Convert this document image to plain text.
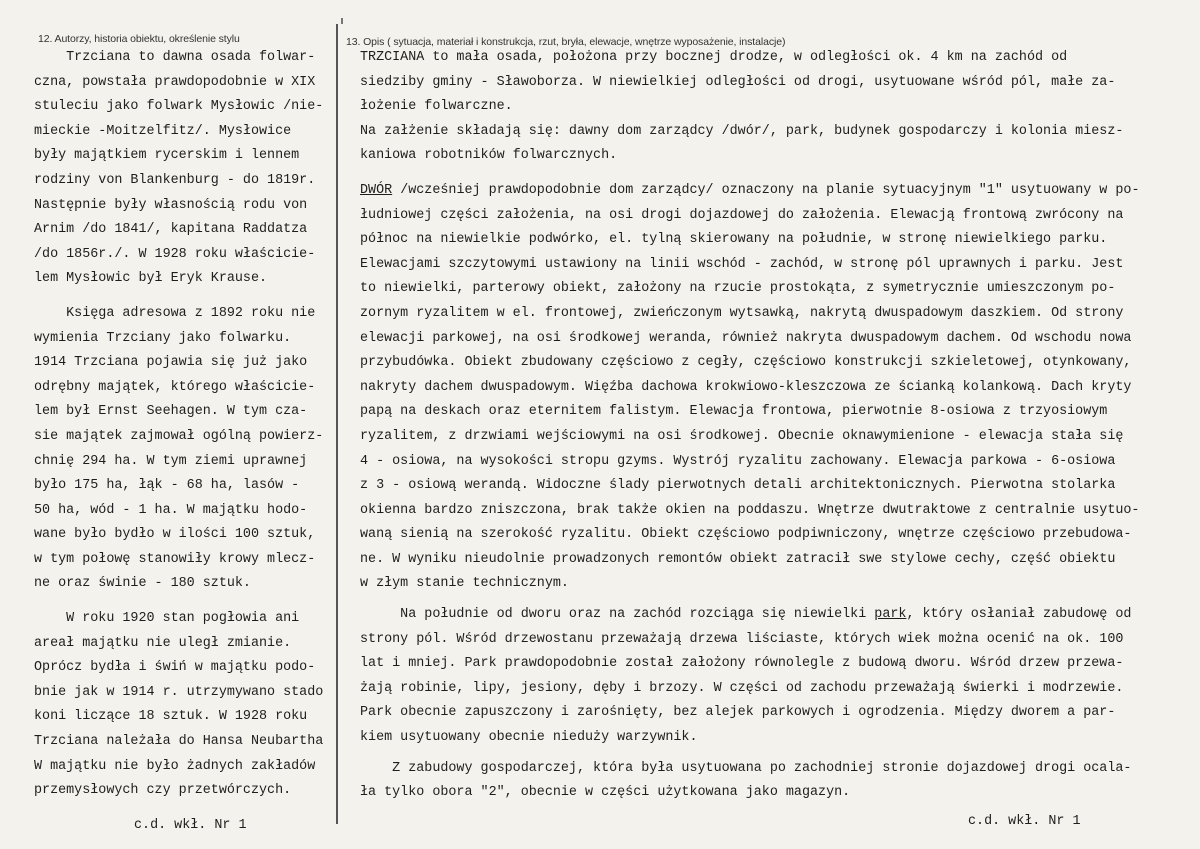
12. Autorzy, historia obiektu, określenie stylu	13. Opis ( sytuacja, materiał i konstrukcja, rzut, bryła, elewacje, wnętrze wyposażenie, instalacje)
Trzciana to dawna osada folwar-
czna, powstała prawdopodobnie w XIX
stuleciu jako folwark Mysłowic /nie-
mieckie -Moitzelfitz/. Mysłowice
były majątkiem rycerskim i lennem
rodziny von Blankenburg - do 1819r.
Następnie były własnością rodu von
Arnim /do 1841/, kapitana Raddatza
/do 1856r./. W 1928 roku właściciе-
lem Mysłowic był Eryk Krause.
Księga adresowa z 1892 roku nie
wymienia Trzciany jako folwarku.
1914 Trzciana pojawia się już jako
odrębny majątek, którego właściciе-
lem był Ernst Seehagen. W tym cza-
sie majątek zajmował ogólną powierz-
chnię 294 ha. W tym ziemi uprawnej
było 175 ha, łąk - 68 ha, lasów -
50 ha, wód - 1 ha. W majątku hodo-
wane było bydło w ilości 100 sztuk,
w tym połowę stanowiły krowy mlecz-
ne oraz świnie - 180 sztuk.
W roku 1920 stan pogłowia ani
areał majątku nie uległ zmianie.
Oprócz bydła i świń w majątku podo-
bnie jak w 1914 r. utrzymywano stado
koni liczące 18 sztuk. W 1928 roku
Trzciana należała do Hansa Neubartha
W majątku nie było żadnych zakładów
przemysłowych czy przetwórczych.
c.d. wkł. Nr 1
TRZCIANA to mała osada, położona przy bocznej drodze, w odległości ok. 4 km na zachód od
siedziby gminy - Sławoborza. W niewielkiej odległości od drogi, usytuowane wśród pól, małe za-
łożenie folwarczne.
Na załżenie składają się: dawny dom zarządcy /dwór/, park, budynek gospodarczy i kolonia miesz-
kaniowa robotników folwarcznych.
DWÓR /wcześniej prawdopodobnie dom zarządcy/ oznaczony na planie sytuacyjnym "1" usytuowany w po-
łudniowej części założenia, na osi drogi dojazdowej do założenia. Elewacją frontową zwrócony na
północ na niewielkie podwórko, el. tylną skierowany na południe, w stronę niewielkiego parku.
Elewacjami szczytowymi ustawiony na linii wschód - zachód, w stronę pól uprawnych i parku. Jest
to niewielki, parterowy obiekt, założony na rzucie prostokąta, z symetrycznie umieszczonym po-
zornym ryzalitem w el. frontowej, zwieńczonym wytsawką, nakrytą dwuspadowym daszkiem. Od strony
elewacji parkowej, na osi środkowej weranda, również nakryta dwuspadowym dachem. Od wschodu nowa
przybudówka. Obiekt zbudowany częściowo z cegły, częściowo konstrukcji szkieletowej, otynkowany,
nakryty dachem dwuspadowym. Więźba dachowa krokwiowo-kleszczowa ze ścianką kolankową. Dach kryty
papą na deskach oraz eternitem falistym. Elewacja frontowa, pierwotnie 8-osiowa z trzyosiowym
ryzalitem, z drzwiami wejściowymi na osi środkowej. Obecnie oknawymienione - elewacja stała się
4 - osiowa, na wysokości stropu gzyms. Wystrój ryzalitu zachowany. Elewacja parkowa - 6-osiowa
z 3 - osiową werandą. Widoczne ślady pierwotnych detali architektonicznych. Pierwotna stolarka
okienna bardzo zniszczona, brak także okien na poddaszu. Wnętrze dwutraktowe z centralnie usytuo-
waną sienią na szerokość ryzalitu. Obiekt częściowo podpiwniczony, wnętrze częściowo przebudowa-
ne. W wyniku nieudolnie prowadzonych remontów obiekt zatracił swe stylowe cechy, część obiektu
w złym stanie technicznym.
Na południe od dworu oraz na zachód rozciąga się niewielki park, który osłaniał zabudowę od
strony pól. Wśród drzewostanu przeważają drzewa liściaste, których wiek można ocenić na ok. 100
lat i mniej. Park prawdopodobnie został założony równolegle z budową dworu. Wśród drzew przewa-
żają robinie, lipy, jesiony, dęby i brzozy. W części od zachodu przeważają świerki i modrzewie.
Park obecnie zapuszczony i zarośnięty, bez alejek parkowych i ogrodzenia. Między dworem a par-
kiem usytuowany obecnie nieduży warzywnik.
Z zabudowy gospodarczej, która była usytuowana po zachodniej stronie dojazdowej drogi ocala-
ła tylko obora "2", obecnie w części użytkowana jako magazyn.
c.d. wkł. Nr 1
